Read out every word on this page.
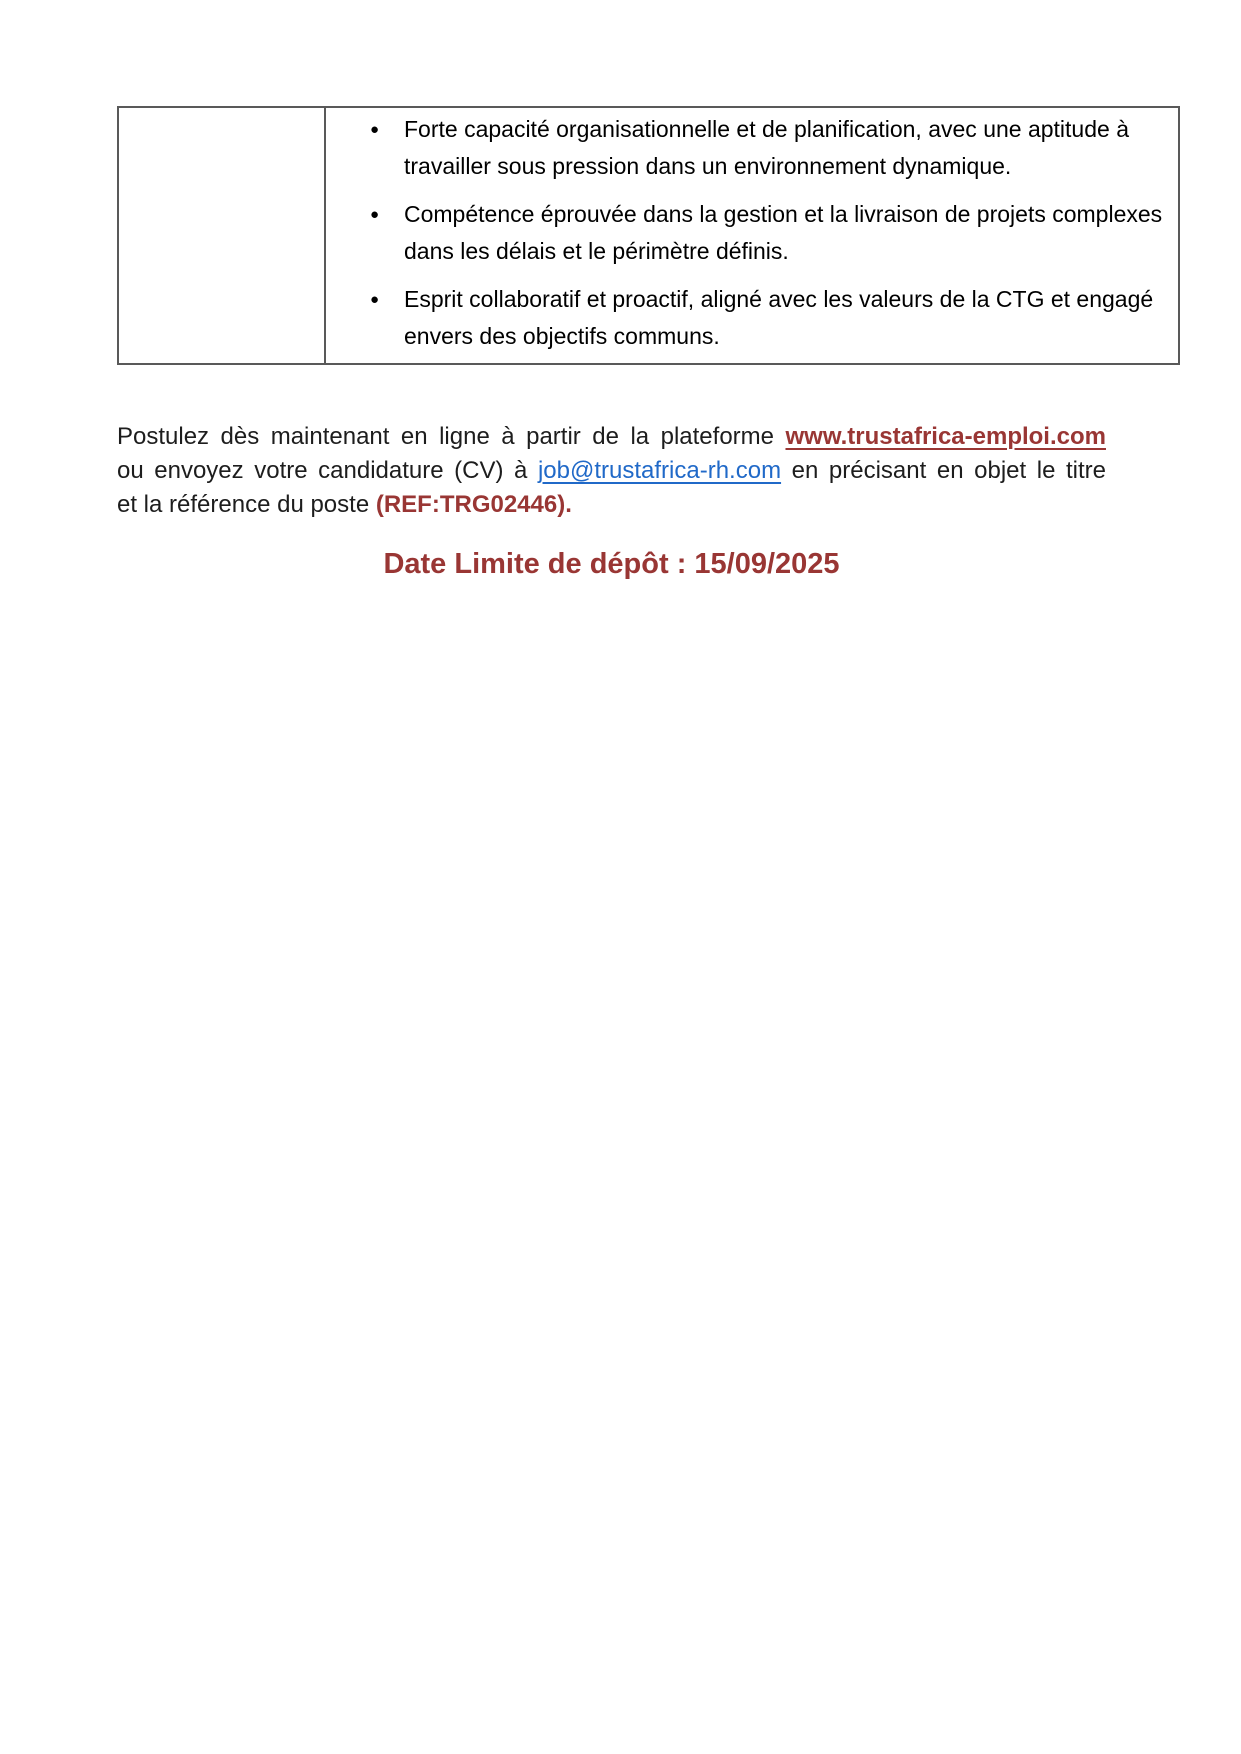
●	Forte capacité organisationnelle et de planification, avec une aptitude à
travailler sous pression dans un environnement dynamique.
●	Compétence éprouvée dans la gestion et la livraison de projets complexes
dans les délais et le périmètre définis.
●	Esprit collaboratif et proactif, aligné avec les valeurs de la CTG et engagé
envers des objectifs communs.
Postulez dès maintenant en ligne à partir de la plateforme www.trustafrica-emploi.com
ou envoyez votre candidature (CV) à job@trustafrica-rh.com en précisant en objet le titre
et la référence du poste (REF:TRG02446).
Date Limite de dépôt : 15/09/2025
